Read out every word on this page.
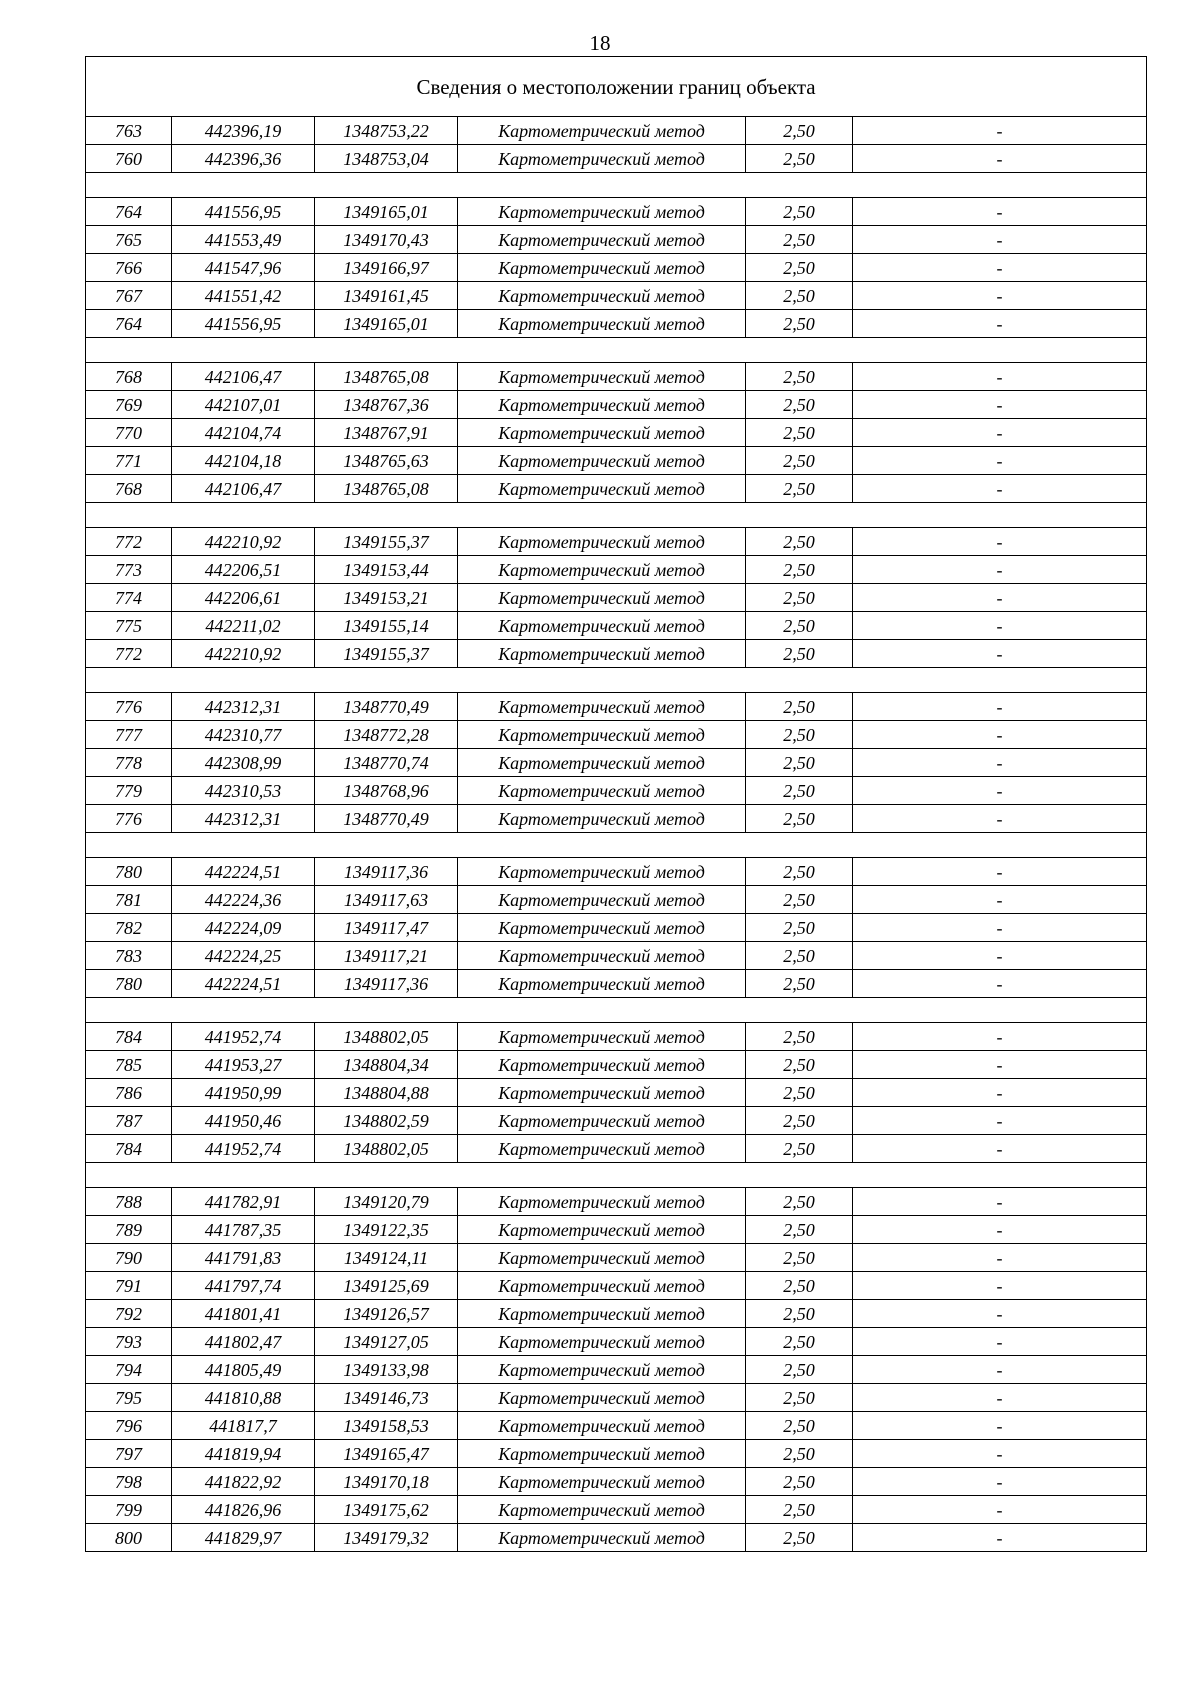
18
Сведения о местоположении границ объекта					
763	442396,19	1348753,22	Картометрический метод	2,50	-
760	442396,36	1348753,04	Картометрический метод	2,50	-

764	441556,95	1349165,01	Картометрический метод	2,50	-
765	441553,49	1349170,43	Картометрический метод	2,50	-
766	441547,96	1349166,97	Картометрический метод	2,50	-
767	441551,42	1349161,45	Картометрический метод	2,50	-
764	441556,95	1349165,01	Картометрический метод	2,50	-

768	442106,47	1348765,08	Картометрический метод	2,50	-
769	442107,01	1348767,36	Картометрический метод	2,50	-
770	442104,74	1348767,91	Картометрический метод	2,50	-
771	442104,18	1348765,63	Картометрический метод	2,50	-
768	442106,47	1348765,08	Картометрический метод	2,50	-

772	442210,92	1349155,37	Картометрический метод	2,50	-
773	442206,51	1349153,44	Картометрический метод	2,50	-
774	442206,61	1349153,21	Картометрический метод	2,50	-
775	442211,02	1349155,14	Картометрический метод	2,50	-
772	442210,92	1349155,37	Картометрический метод	2,50	-

776	442312,31	1348770,49	Картометрический метод	2,50	-
777	442310,77	1348772,28	Картометрический метод	2,50	-
778	442308,99	1348770,74	Картометрический метод	2,50	-
779	442310,53	1348768,96	Картометрический метод	2,50	-
776	442312,31	1348770,49	Картометрический метод	2,50	-

780	442224,51	1349117,36	Картометрический метод	2,50	-
781	442224,36	1349117,63	Картометрический метод	2,50	-
782	442224,09	1349117,47	Картометрический метод	2,50	-
783	442224,25	1349117,21	Картометрический метод	2,50	-
780	442224,51	1349117,36	Картометрический метод	2,50	-

784	441952,74	1348802,05	Картометрический метод	2,50	-
785	441953,27	1348804,34	Картометрический метод	2,50	-
786	441950,99	1348804,88	Картометрический метод	2,50	-
787	441950,46	1348802,59	Картометрический метод	2,50	-
784	441952,74	1348802,05	Картометрический метод	2,50	-

788	441782,91	1349120,79	Картометрический метод	2,50	-
789	441787,35	1349122,35	Картометрический метод	2,50	-
790	441791,83	1349124,11	Картометрический метод	2,50	-
791	441797,74	1349125,69	Картометрический метод	2,50	-
792	441801,41	1349126,57	Картометрический метод	2,50	-
793	441802,47	1349127,05	Картометрический метод	2,50	-
794	441805,49	1349133,98	Картометрический метод	2,50	-
795	441810,88	1349146,73	Картометрический метод	2,50	-
796	441817,7	1349158,53	Картометрический метод	2,50	-
797	441819,94	1349165,47	Картометрический метод	2,50	-
798	441822,92	1349170,18	Картометрический метод	2,50	-
799	441826,96	1349175,62	Картометрический метод	2,50	-
800	441829,97	1349179,32	Картометрический метод	2,50	-
